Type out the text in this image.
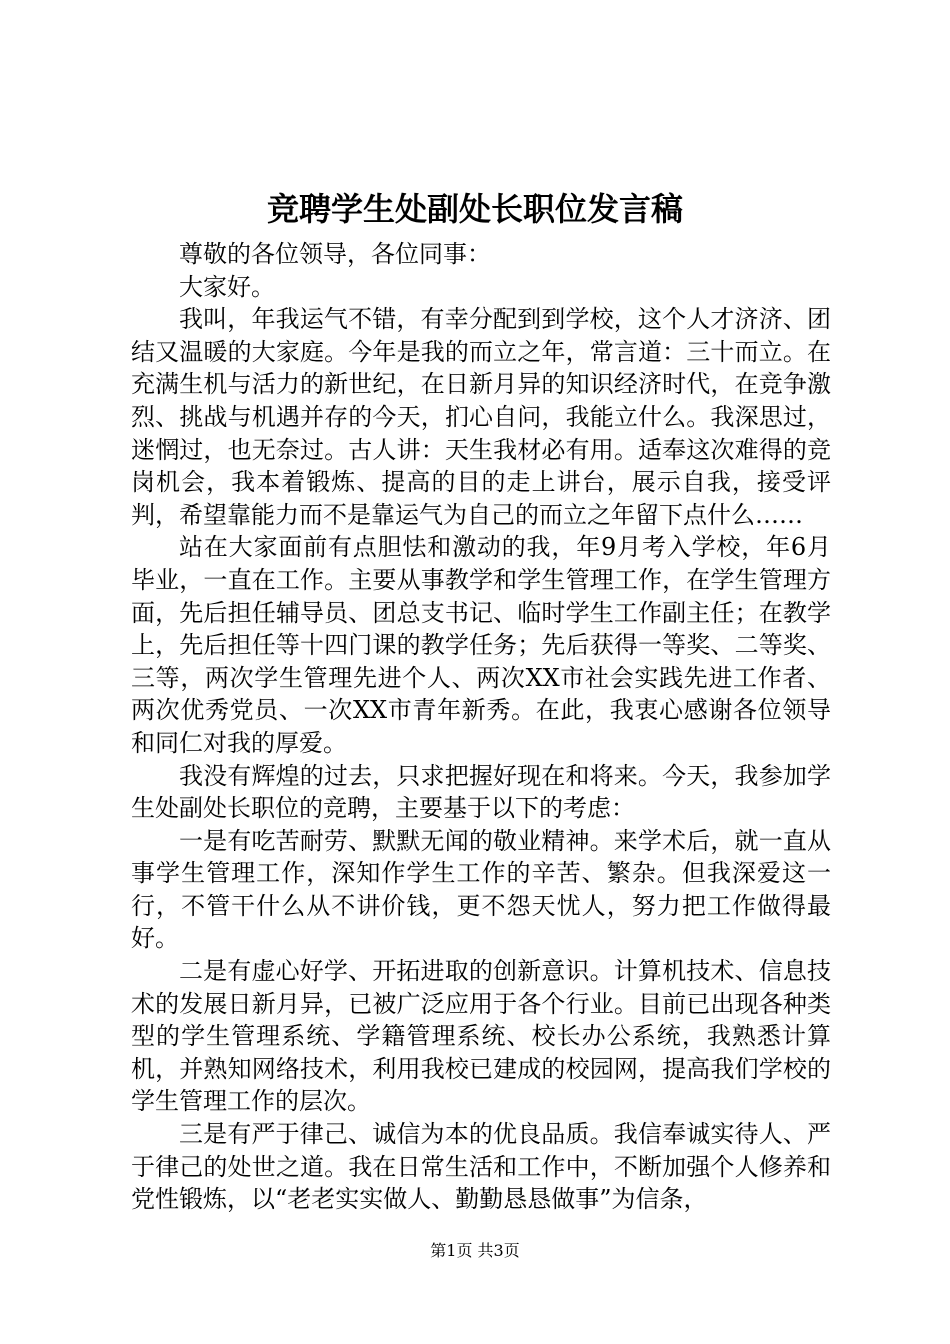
竞聘学生处副处长职位发言稿

尊敬的各位领导，各位同事：

大家好。

我叫，年我运气不错，有幸分配到到学校，这个人才济济、团结又温暖的大家庭。今年是我的而立之年，常言道：三十而立。在充满生机与活力的新世纪，在日新月异的知识经济时代，在竞争激烈、挑战与机遇并存的今天，扪心自问，我能立什么。我深思过，迷惘过，也无奈过。古人讲：天生我材必有用。适奉这次难得的竞岗机会，我本着锻炼、提高的目的走上讲台，展示自我，接受评判，希望靠能力而不是靠运气为自己的而立之年留下点什么……

站在大家面前有点胆怯和激动的我，年9月考入学校，年6月毕业，一直在工作。主要从事教学和学生管理工作，在学生管理方面，先后担任辅导员、团总支书记、临时学生工作副主任；在教学上，先后担任等十四门课的教学任务；先后获得一等奖、二等奖、三等，两次学生管理先进个人、两次XX市社会实践先进工作者、两次优秀党员、一次XX市青年新秀。在此，我衷心感谢各位领导和同仁对我的厚爱。

我没有辉煌的过去，只求把握好现在和将来。今天，我参加学生处副处长职位的竞聘，主要基于以下的考虑：

一是有吃苦耐劳、默默无闻的敬业精神。来学术后，就一直从事学生管理工作，深知作学生工作的辛苦、繁杂。但我深爱这一行，不管干什么从不讲价钱，更不怨天忧人，努力把工作做得最好。

二是有虚心好学、开拓进取的创新意识。计算机技术、信息技术的发展日新月异，已被广泛应用于各个行业。目前已出现各种类型的学生管理系统、学籍管理系统、校长办公系统，我熟悉计算机，并熟知网络技术，利用我校已建成的校园网，提高我们学校的学生管理工作的层次。

三是有严于律己、诚信为本的优良品质。我信奉诚实待人、严于律己的处世之道。我在日常生活和工作中，不断加强个人修养和党性锻炼，以“老老实实做人、勤勤恳恳做事”为信条，

第1页 共3页
